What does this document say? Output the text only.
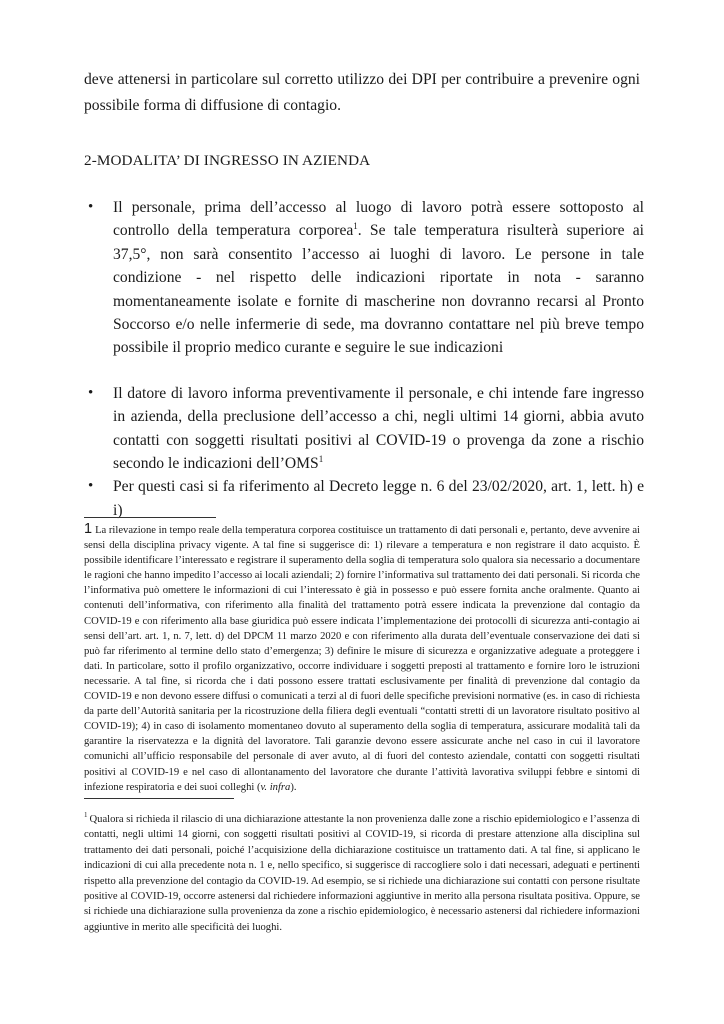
deve attenersi in particolare sul corretto utilizzo dei DPI per contribuire a prevenire ogni possibile forma di diffusione di contagio.

2-MODALITA’ DI INGRESSO IN AZIENDA
• Il personale, prima dell’accesso al luogo di lavoro potrà essere sottoposto al controllo della temperatura corporea$^1$. Se tale temperatura risulterà superiore ai 37,5°, non sarà consentito l’accesso ai luoghi di lavoro. Le persone in tale condizione - nel rispetto delle indicazioni riportate in nota - saranno momentaneamente isolate e fornite di mascherine non dovranno recarsi al Pronto Soccorso e/o nelle infermerie di sede, ma dovranno contattare nel più breve tempo possibile il proprio medico curante e seguire le sue indicazioni
• Il datore di lavoro informa preventivamente il personale, e chi intende fare ingresso in azienda, della preclusione dell’accesso a chi, negli ultimi 14 giorni, abbia avuto contatti con soggetti risultati positivi al COVID-19 o provenga da zone a rischio secondo le indicazioni dell’OMS$^1$
• Per questi casi si fa riferimento al Decreto legge n. 6 del 23/02/2020, art. 1, lett. h) e i)
1 La rilevazione in tempo reale della temperatura corporea costituisce un trattamento di dati personali e, pertanto, deve avvenire ai sensi della disciplina privacy vigente. A tal fine si suggerisce di: 1) rilevare a temperatura e non registrare il dato acquisto. È possibile identificare l’interessato e registrare il superamento della soglia di temperatura solo qualora sia necessario a documentare le ragioni che hanno impedito l’accesso ai locali aziendali; 2) fornire l’informativa sul trattamento dei dati personali. Si ricorda che l’informativa può omettere le informazioni di cui l’interessato è già in possesso e può essere fornita anche oralmente. Quanto ai contenuti dell’informativa, con riferimento alla finalità del trattamento potrà essere indicata la prevenzione dal contagio da COVID-19 e con riferimento alla base giuridica può essere indicata l’implementazione dei protocolli di sicurezza anti-contagio ai sensi dell’art. art. 1, n. 7, lett. d) del DPCM 11 marzo 2020 e con riferimento alla durata dell’eventuale conservazione dei dati si può far riferimento al termine dello stato d’emergenza; 3) definire le misure di sicurezza e organizzative adeguate a proteggere i dati. In particolare, sotto il profilo organizzativo, occorre individuare i soggetti preposti al trattamento e fornire loro le istruzioni necessarie. A tal fine, si ricorda che i dati possono essere trattati esclusivamente per finalità di prevenzione dal contagio da COVID-19 e non devono essere diffusi o comunicati a terzi al di fuori delle specifiche previsioni normative (es. in caso di richiesta da parte dell’Autorità sanitaria per la ricostruzione della filiera degli eventuali “contatti stretti di un lavoratore risultato positivo al COVID-19); 4) in caso di isolamento momentaneo dovuto al superamento della soglia di temperatura, assicurare modalità tali da garantire la riservatezza e la dignità del lavoratore. Tali garanzie devono essere assicurate anche nel caso in cui il lavoratore comunichi all’ufficio responsabile del personale di aver avuto, al di fuori del contesto aziendale, contatti con soggetti risultati positivi al COVID-19 e nel caso di allontanamento del lavoratore che durante l’attività lavorativa sviluppi febbre e sintomi di infezione respiratoria e dei suoi colleghi (v. infra).
$^1$ Qualora si richieda il rilascio di una dichiarazione attestante la non provenienza dalle zone a rischio epidemiologico e l’assenza di contatti, negli ultimi 14 giorni, con soggetti risultati positivi al COVID-19, si ricorda di prestare attenzione alla disciplina sul trattamento dei dati personali, poiché l’acquisizione della dichiarazione costituisce un trattamento dati. A tal fine, si applicano le indicazioni di cui alla precedente nota n. 1 e, nello specifico, si suggerisce di raccogliere solo i dati necessari, adeguati e pertinenti rispetto alla prevenzione del contagio da COVID-19. Ad esempio, se si richiede una dichiarazione sui contatti con persone risultate positive al COVID-19, occorre astenersi dal richiedere informazioni aggiuntive in merito alla persona risultata positiva. Oppure, se si richiede una dichiarazione sulla provenienza da zone a rischio epidemiologico, è necessario astenersi dal richiedere informazioni aggiuntive in merito alle specificità dei luoghi.
